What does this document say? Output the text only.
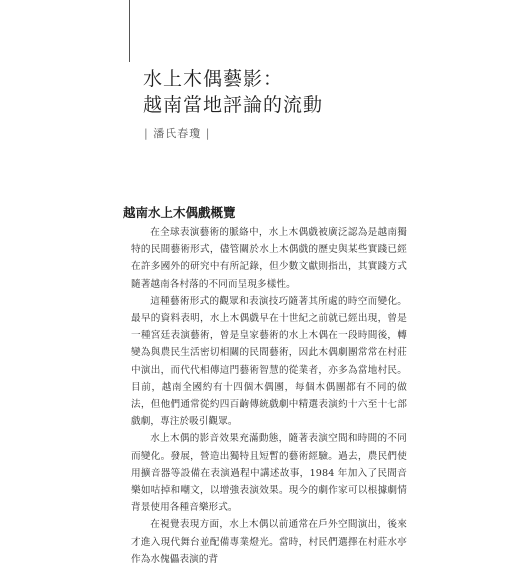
水上木偶藝影：
越南當地評論的流動
| 潘氏春瓊 |
越南水上木偶戲概覽

在全球表演藝術的脈絡中，水上木偶戲被廣泛認為是越南獨特的民間藝術形式，儘管關於水上木偶戲的歷史與某些實踐已經在許多國外的研究中有所記錄，但少數文獻則指出，其實踐方式隨著越南各村落的不同而呈現多樣性。

這種藝術形式的觀眾和表演技巧隨著其所處的時空而變化。最早的資料表明，水上木偶戲早在十世紀之前就已經出現，曾是一種宮廷表演藝術，曾是皇家藝術的水上木偶在一段時間後，轉變為與農民生活密切相關的民間藝術，因此木偶劇團常常在村莊中演出，而代代相傳這門藝術智慧的從業者，亦多為當地村民。目前，越南全國約有十四個木偶團，每個木偶團都有不同的做法，但他們通常從約四百齣傳統戲劇中精選表演約十六至十七部戲劇，專注於吸引觀眾。

水上木偶的影音效果充滿動態，隨著表演空間和時間的不同而變化。發展，營造出獨特且短暫的藝術經驗。過去，農民們使用擴音器等設備在表演過程中講述故事，1984 年加入了民間音樂如咕掉和嘲文，以增強表演效果。現今的劇作家可以根據劇情背景使用各種音樂形式。

在視覺表現方面，水上木偶以前通常在戶外空間演出，後來才進入現代舞台並配備專業燈光。當時，村民們選擇在村莊水亭作為水傀儡表演的背
